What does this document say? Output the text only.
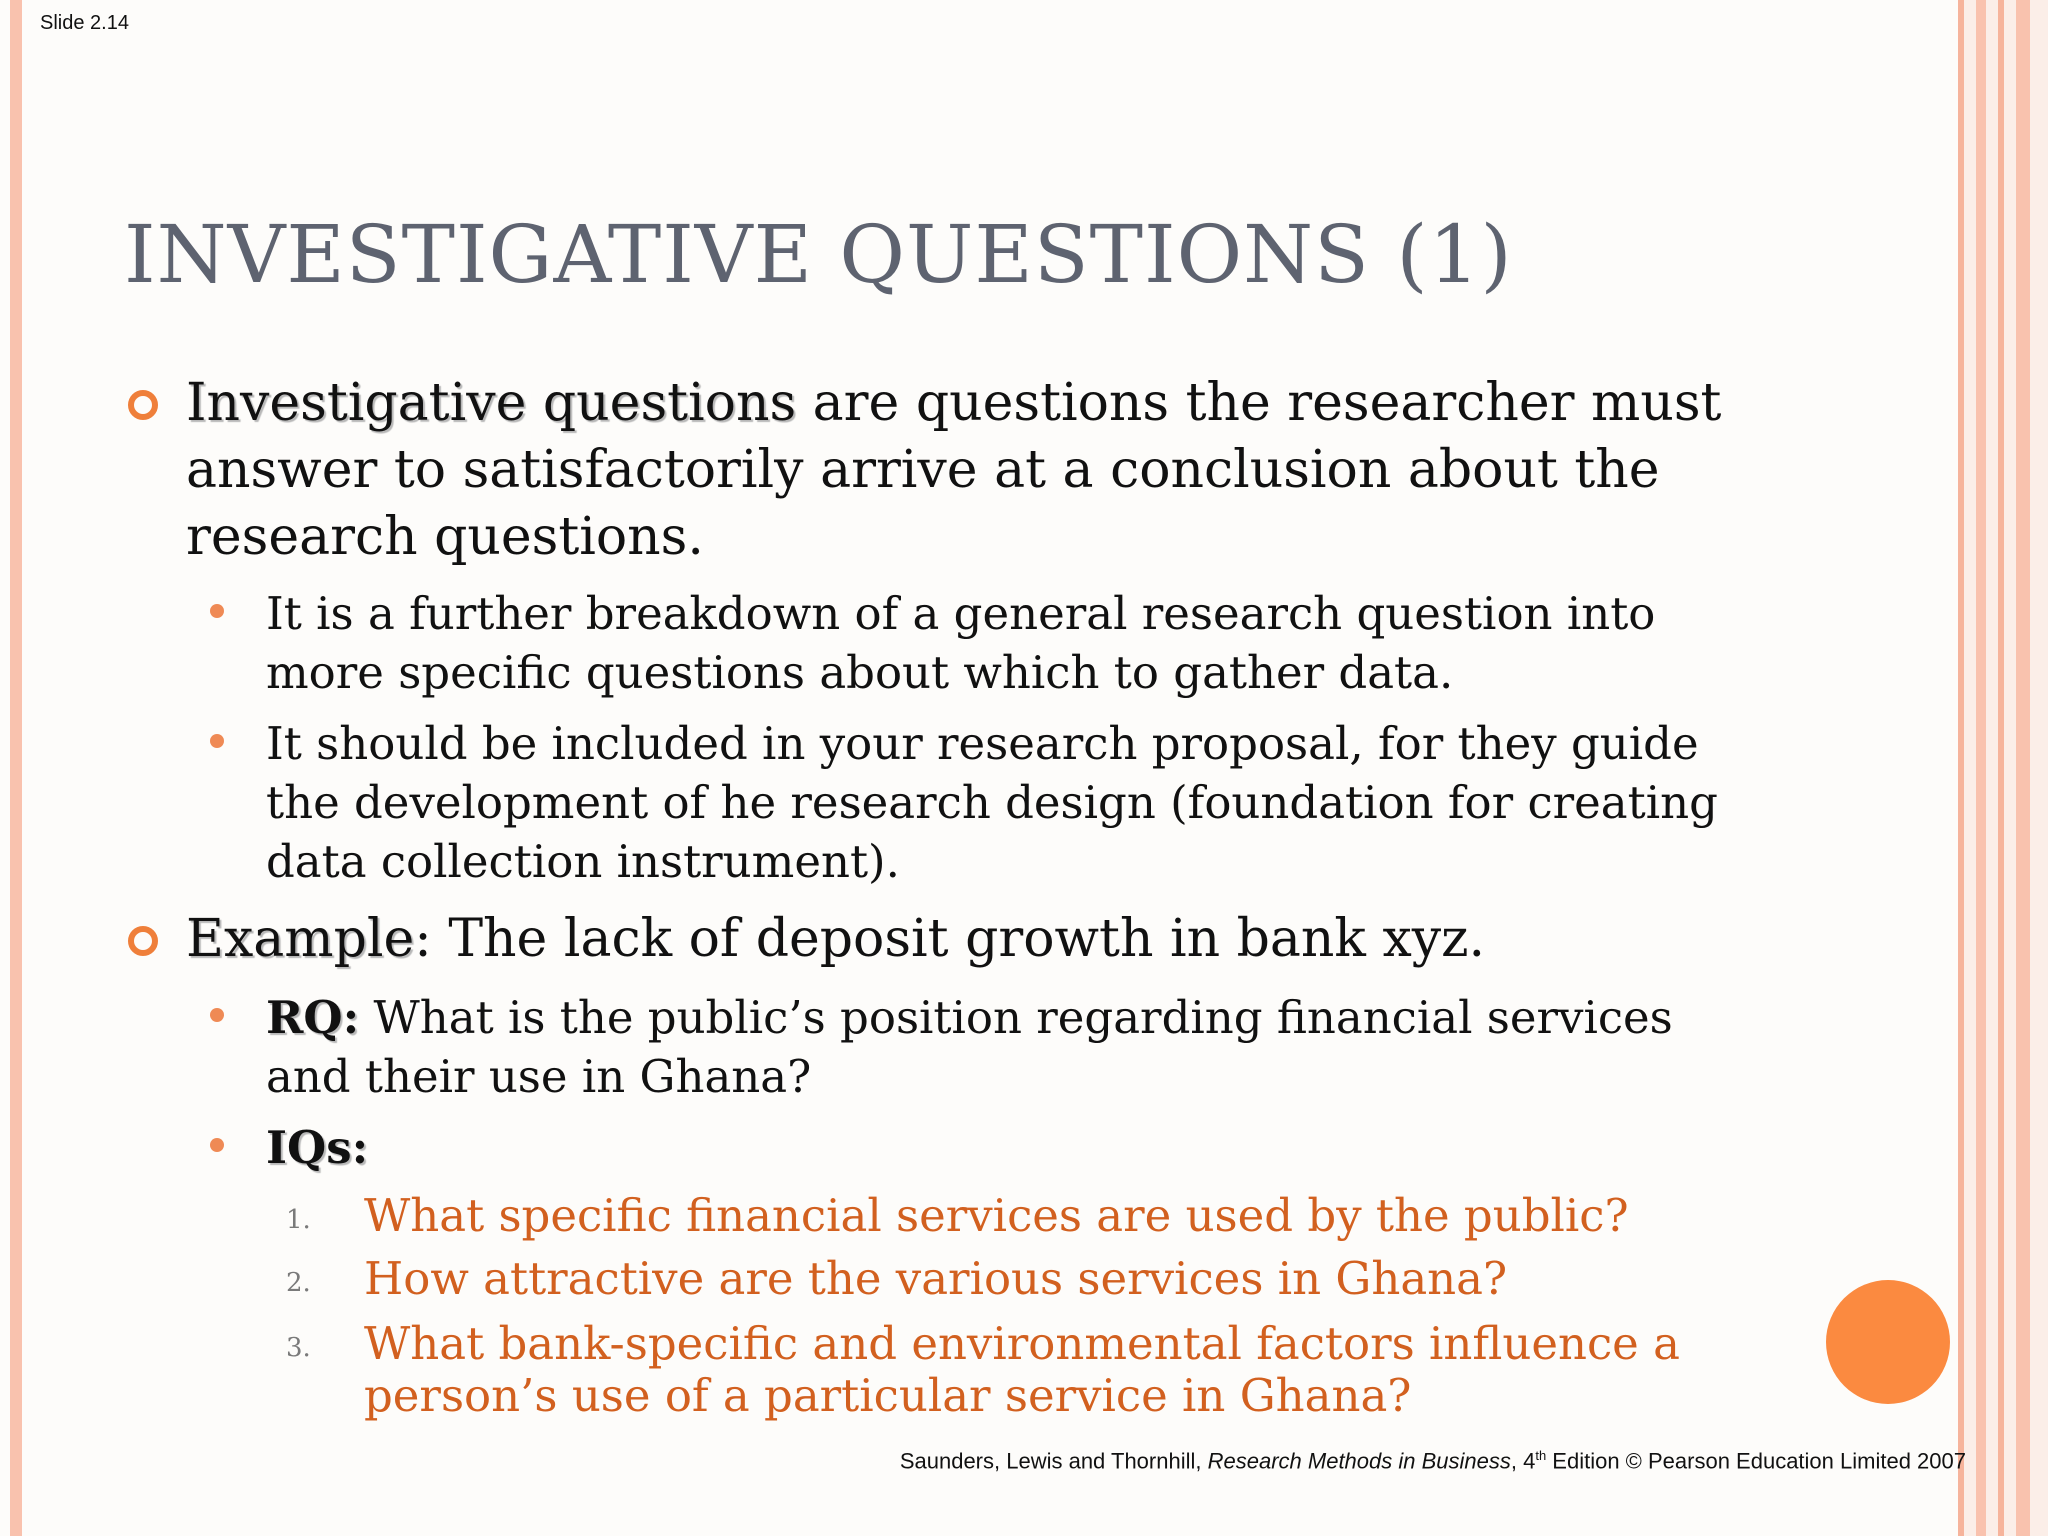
Slide 2.14
INVESTIGATIVE QUESTIONS (1)
Investigative questions are questions the researcher must answer to satisfactorily arrive at a conclusion about the research questions.
It is a further breakdown of a general research question into more specific questions about which to gather data.
It should be included in your research proposal, for they guide the development of he research design (foundation for creating data collection instrument).
Example: The lack of deposit growth in bank xyz.
RQ: What is the public’s position regarding financial services and their use in Ghana?
IQs:
1. What specific financial services are used by the public?
2. How attractive are the various services in Ghana?
3. What bank-specific and environmental factors influence a person’s use of a particular service in Ghana?
Saunders, Lewis and Thornhill, Research Methods in Business, 4th Edition © Pearson Education Limited 2007
